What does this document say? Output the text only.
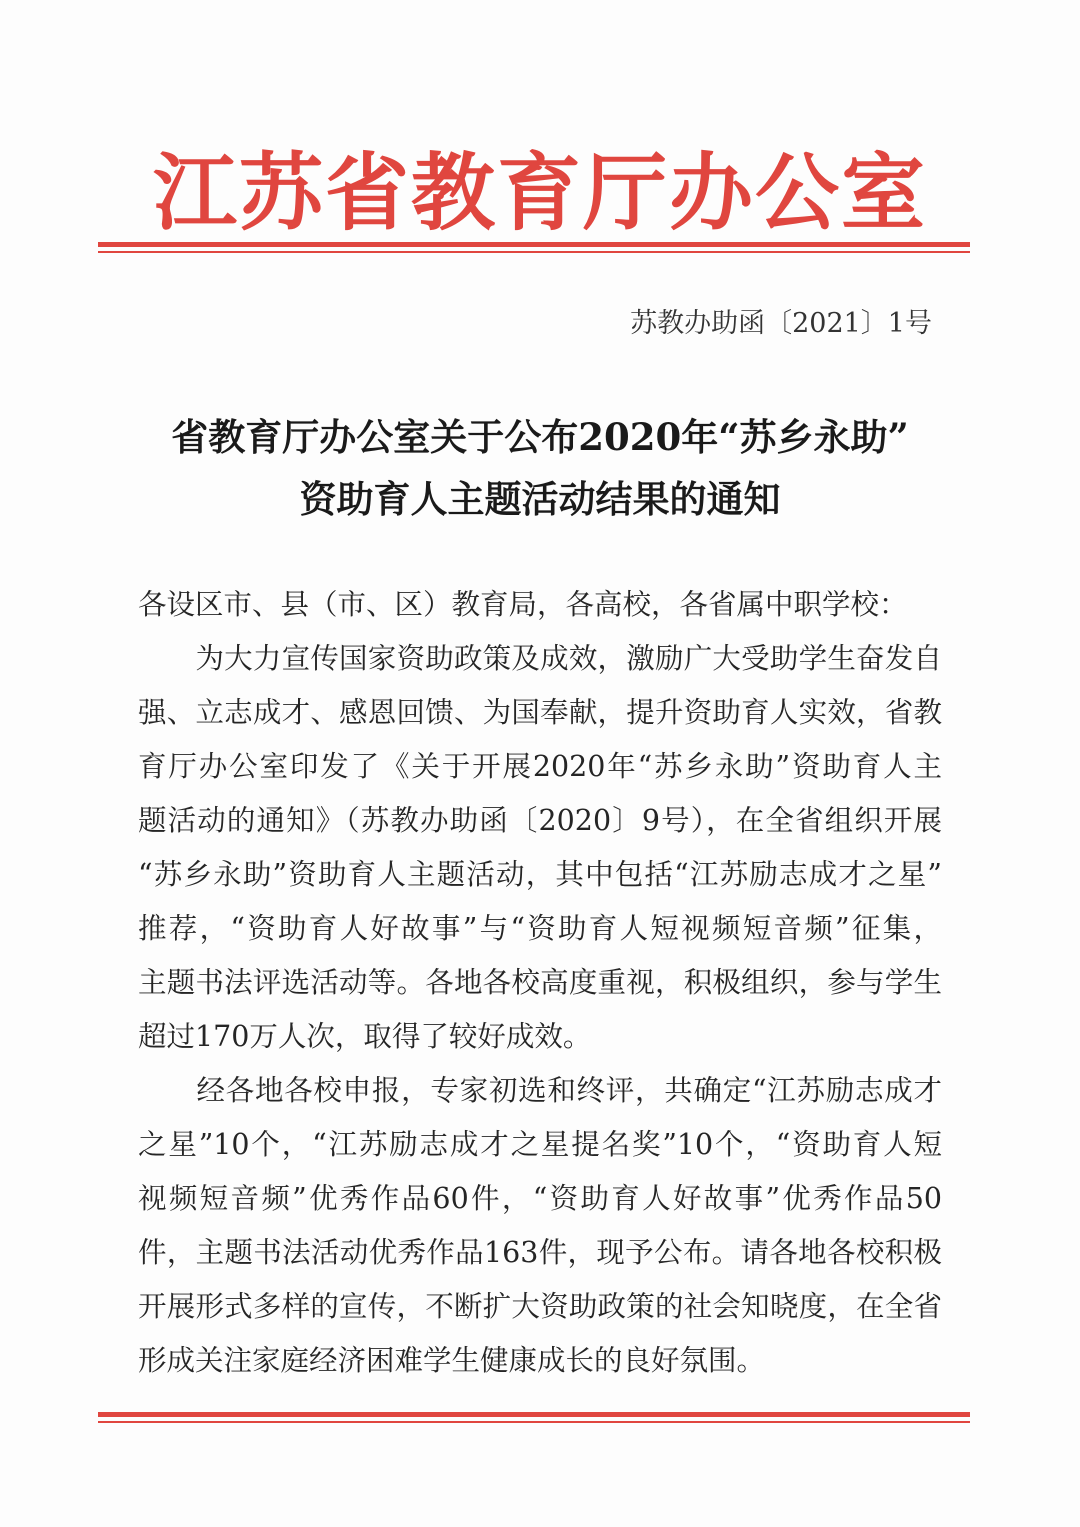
江苏省教育厅办公室
苏教办助函〔2021〕1号
省教育厅办公室关于公布2020年“苏乡永助”
资助育人主题活动结果的通知
各设区市、县（市、区）教育局，各高校，各省属中职学校：
　　为大力宣传国家资助政策及成效，激励广大受助学生奋发自
强、立志成才、感恩回馈、为国奉献，提升资助育人实效，省教
育厅办公室印发了《关于开展2020年“苏乡永助”资助育人主
题活动的通知》（苏教办助函〔2020〕9号），在全省组织开展
“苏乡永助”资助育人主题活动，其中包括“江苏励志成才之星”
推荐，“资助育人好故事”与“资助育人短视频短音频”征集，
主题书法评选活动等。各地各校高度重视，积极组织，参与学生
超过170万人次，取得了较好成效。
　　经各地各校申报，专家初选和终评，共确定“江苏励志成才
之星”10个，“江苏励志成才之星提名奖”10个，“资助育人短
视频短音频”优秀作品60件，“资助育人好故事”优秀作品50
件，主题书法活动优秀作品163件，现予公布。请各地各校积极
开展形式多样的宣传，不断扩大资助政策的社会知晓度，在全省
形成关注家庭经济困难学生健康成长的良好氛围。
